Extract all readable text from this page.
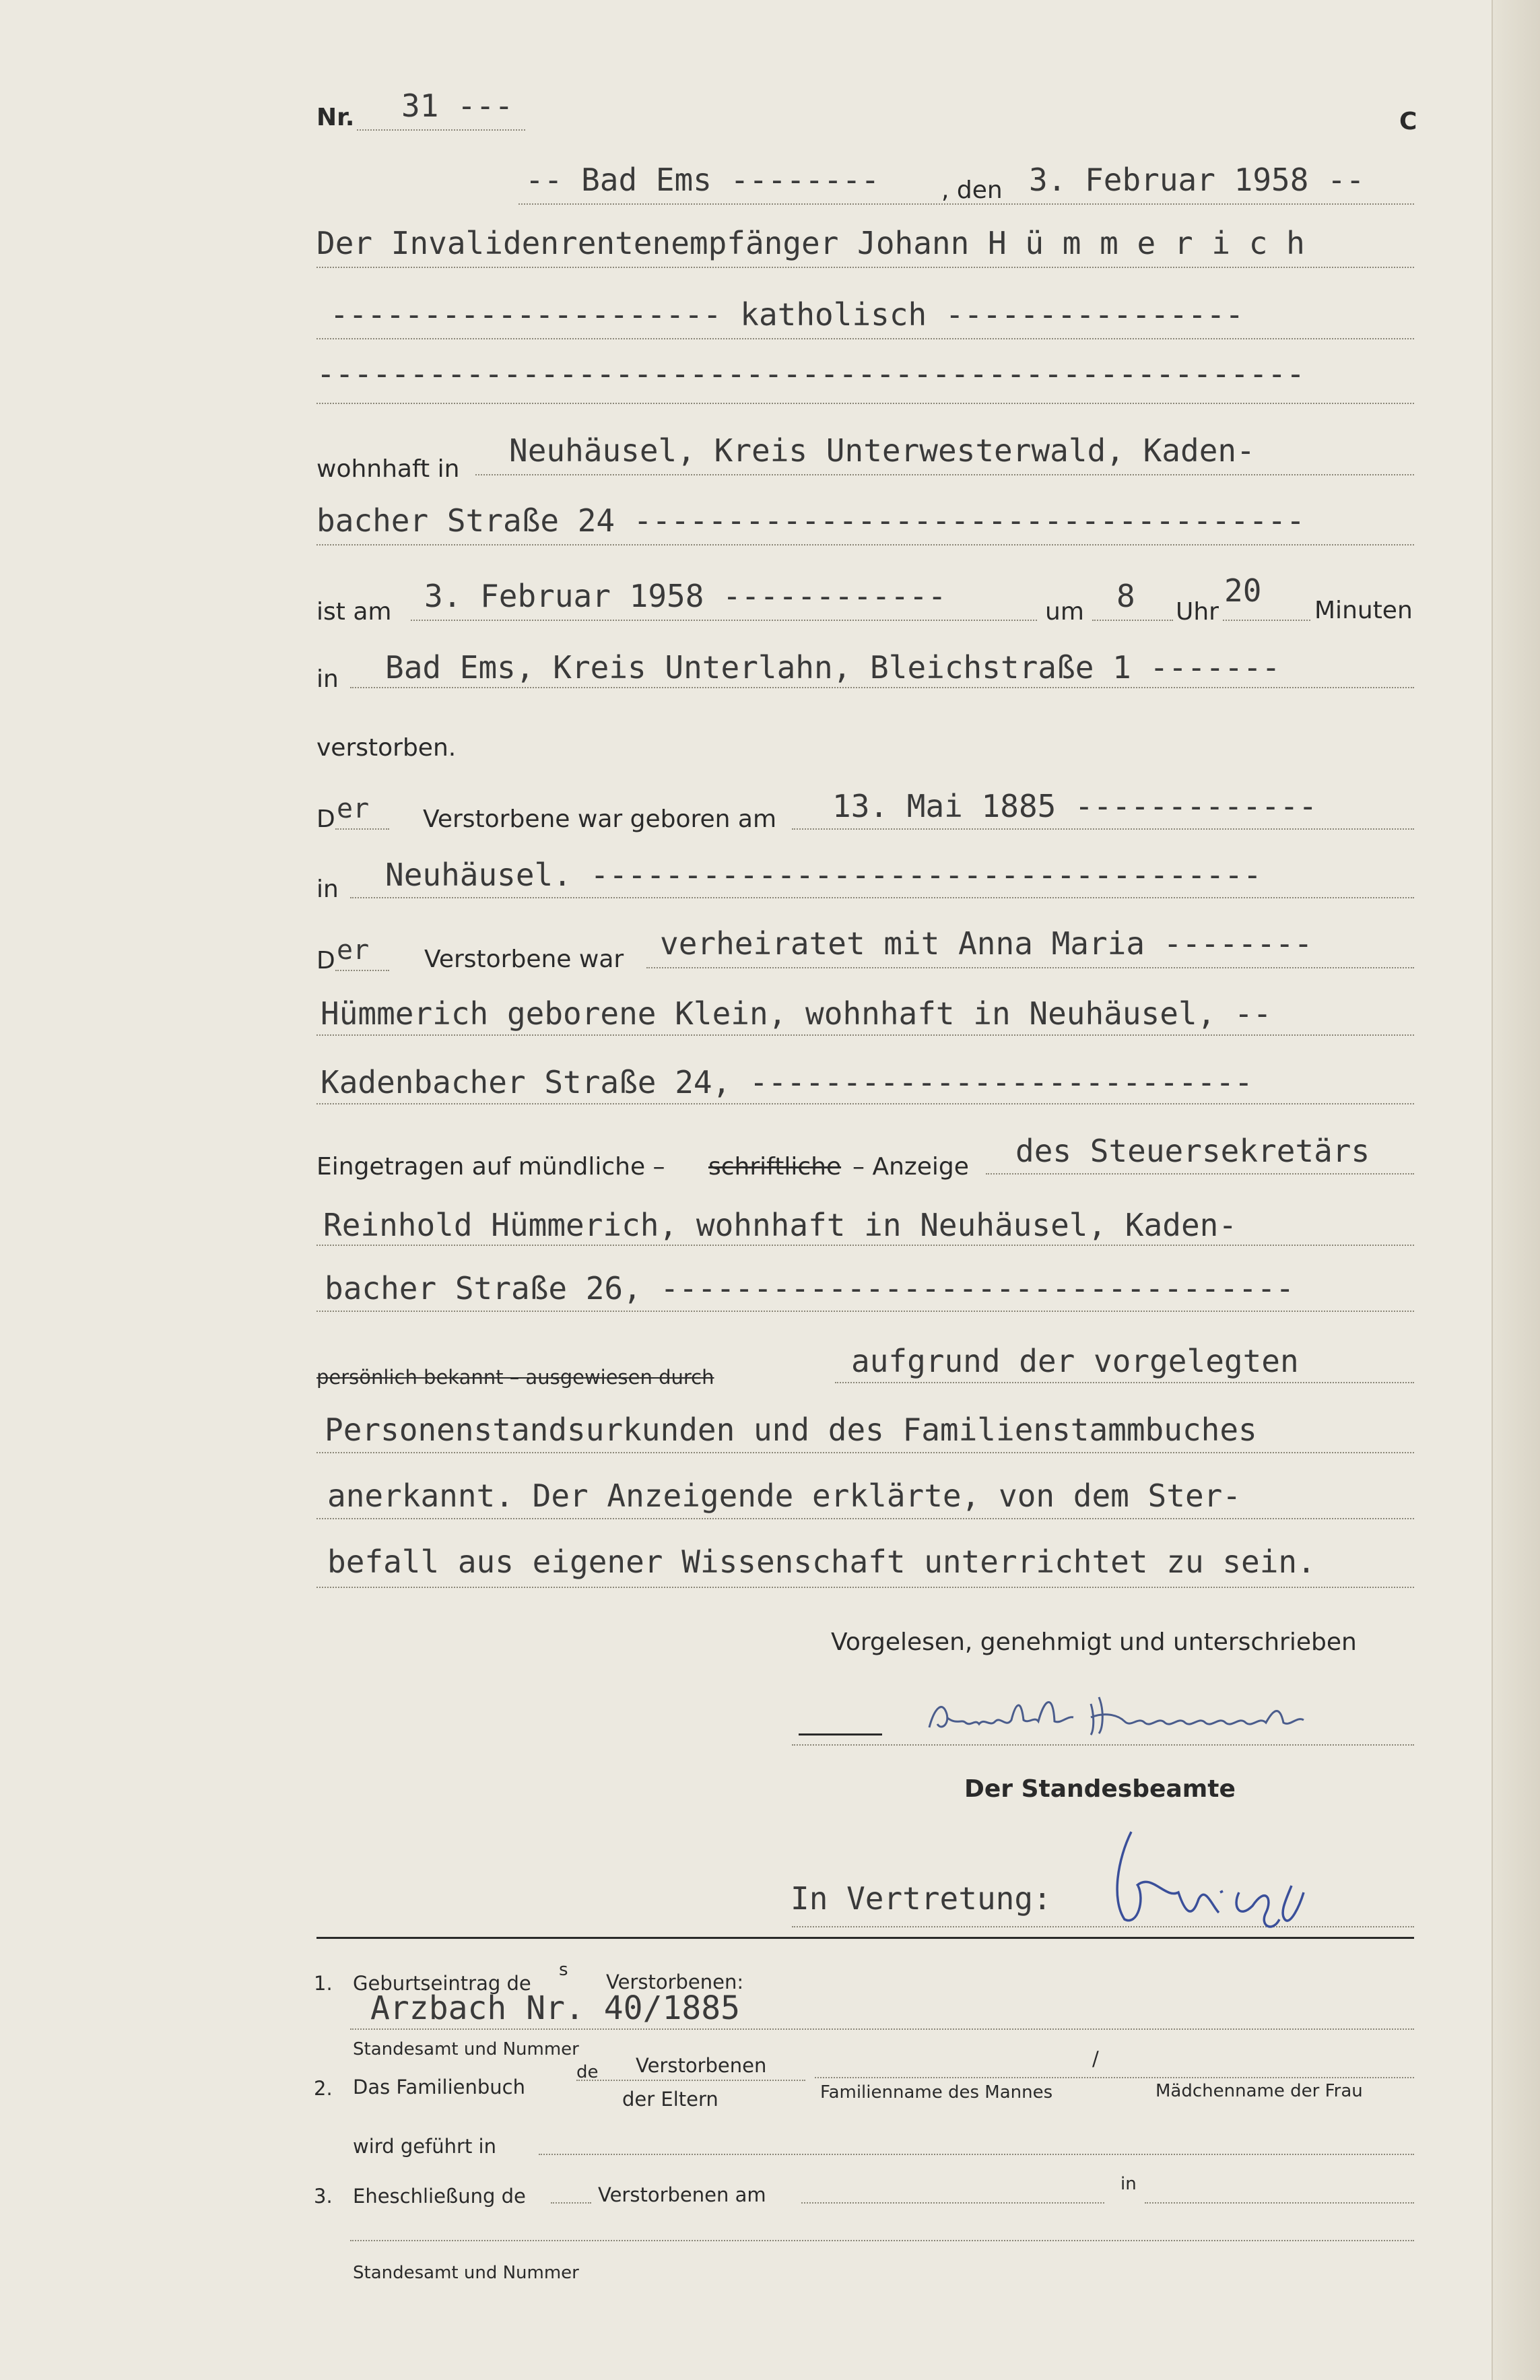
Nr. 31 ---	C
-- Bad Ems --------	, den 3. Februar 1958 --
Der Invalidenrentenempfänger Johann H ü m m e r i c h
--------------------- katholisch ----------------
-----------------------------------------------------
wohnhaft in
Neuhäusel, Kreis Unterwesterwald, Kaden-
bacher Straße 24 ------------------------------------
ist am 3. Februar 1958 ------------	um 8 Uhr
20
Minuten
in Bad Ems, Kreis Unterlahn, Bleichstraße 1 -------
verstorben.
D er Verstorbene war geboren am 13. Mai 1885 -------------
in Neuhäusel. ------------------------------------
D er Verstorbene war verheiratet mit Anna Maria --------
Hümmerich geborene Klein, wohnhaft in Neuhäusel, --
Kadenbacher Straße 24, ---------------------------
Eingetragen auf mündliche – schriftliche – Anzeige des Steuersekretärs
Reinhold Hümmerich, wohnhaft in Neuhäusel, Kaden-
bacher Straße 26, ----------------------------------
persönlich bekannt – ausgewiesen durch	aufgrund der vorgelegten
Personenstandsurkunden und des Familienstammbuches
anerkannt. Der Anzeigende erklärte, von dem Ster-
befall aus eigener Wissenschaft unterrichtet zu sein.
Vorgelesen, genehmigt und unterschrieben
Reinhold Hümmerich
Der Standesbeamte
In Vertretung:
Lhirz
1. Geburtseintrag de
s
Verstorbenen:
Arzbach Nr. 40/1885
Standesamt und Nummer
2. Das Familienbuch
de Verstorbenen
der Eltern
/
Familienname des Mannes	Mädchenname der Frau
wird geführt in
3. Eheschließung de	Verstorbenen am	in
Standesamt und Nummer
